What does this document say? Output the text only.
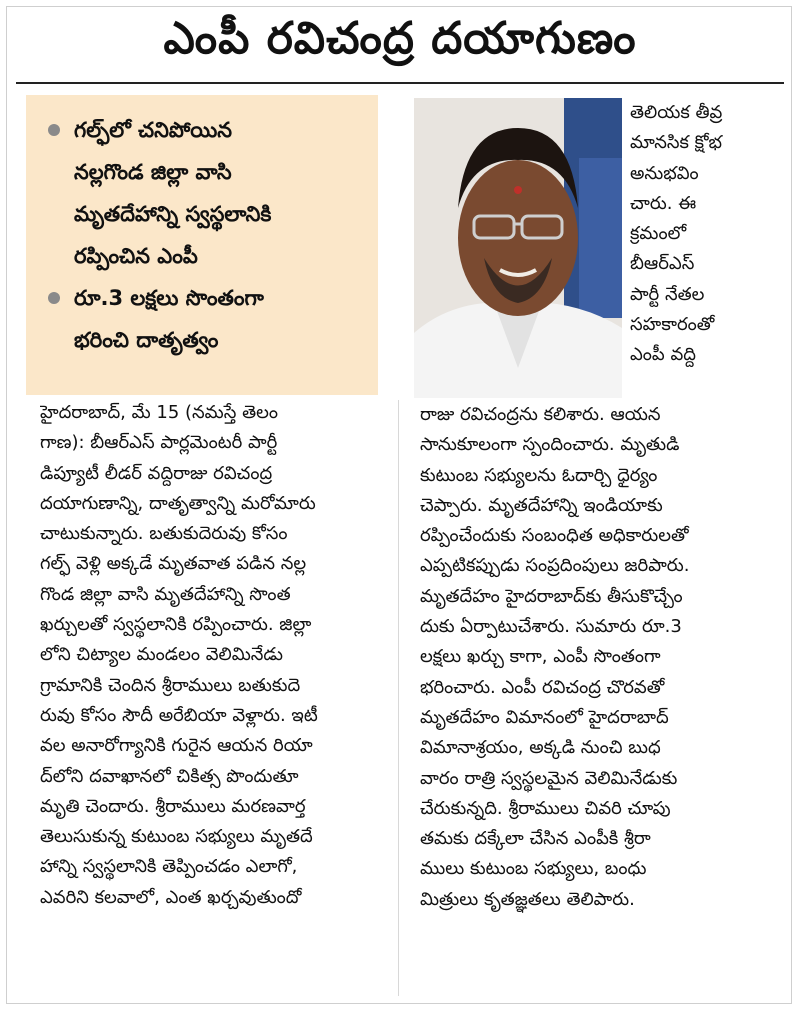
ఎంపీ రవిచంద్ర దయాగుణం
గల్ఫ్‌లో చనిపోయిన
నల్లగొండ జిల్లా వాసి
మృతదేహాన్ని స్వస్థలానికి
రప్పించిన ఎంపీ
రూ.3 లక్షలు సొంతంగా
భరించి దాతృత్వం
తెలియక తీవ్ర
మానసిక క్షోభ
అనుభవిం
చారు. ఈ
క్రమంలో
బీఆర్‌ఎస్‌
పార్టీ నేతల
సహకారంతో
ఎంపీ వద్ది
హైదరాబాద్‌, మే 15 (నమస్తే తెలం
గాణ): బీఆర్‌ఎస్‌ పార్లమెంటరీ పార్టీ
డిప్యూటీ లీడర్‌ వద్దిరాజు రవిచంద్ర
దయాగుణాన్ని, దాతృత్వాన్ని మరోమారు
చాటుకున్నారు. బతుకుదెరువు కోసం
గల్ఫ్‌ వెళ్లి అక్కడే మృతవాత పడిన నల్ల
గొండ జిల్లా వాసి మృతదేహాన్ని సొంత
ఖర్చులతో స్వస్థలానికి రప్పించారు. జిల్లా
లోని చిట్యాల మండలం వెలిమినేడు
గ్రామానికి చెందిన శ్రీరాములు బతుకుదె
రువు కోసం సౌదీ అరేబియా వెళ్లారు. ఇటీ
వల అనారోగ్యానికి గురైన ఆయన రియా
ద్‌లోని దవాఖానలో చికిత్స పొందుతూ
మృతి చెందారు. శ్రీరాములు మరణవార్త
తెలుసుకున్న కుటుంబ సభ్యులు మృతదే
హాన్ని స్వస్థలానికి తెప్పించడం ఎలాగో,
ఎవరిని కలవాలో, ఎంత ఖర్చవుతుందో
రాజు రవిచంద్రను కలిశారు. ఆయన
సానుకూలంగా స్పందించారు. మృతుడి
కుటుంబ సభ్యులను ఓదార్చి ధైర్యం
చెప్పారు. మృతదేహాన్ని ఇండియాకు
రప్పించేందుకు సంబంధిత అధికారులతో
ఎప్పటికప్పుడు సంప్రదింపులు జరిపారు.
మృతదేహం హైదరాబాద్‌కు తీసుకొచ్చేం
దుకు ఏర్పాటుచేశారు. సుమారు రూ.3
లక్షలు ఖర్చు కాగా, ఎంపీ సొంతంగా
భరించారు. ఎంపీ రవిచంద్ర చొరవతో
మృతదేహం విమానంలో హైదరాబాద్‌
విమానాశ్రయం, అక్కడి నుంచి బుధ
వారం రాత్రి స్వస్థలమైన వెలిమినేడుకు
చేరుకున్నది. శ్రీరాములు చివరి చూపు
తమకు దక్కేలా చేసిన ఎంపీకి శ్రీరా
ములు కుటుంబ సభ్యులు, బంధు
మిత్రులు కృతజ్ఞతలు తెలిపారు.
